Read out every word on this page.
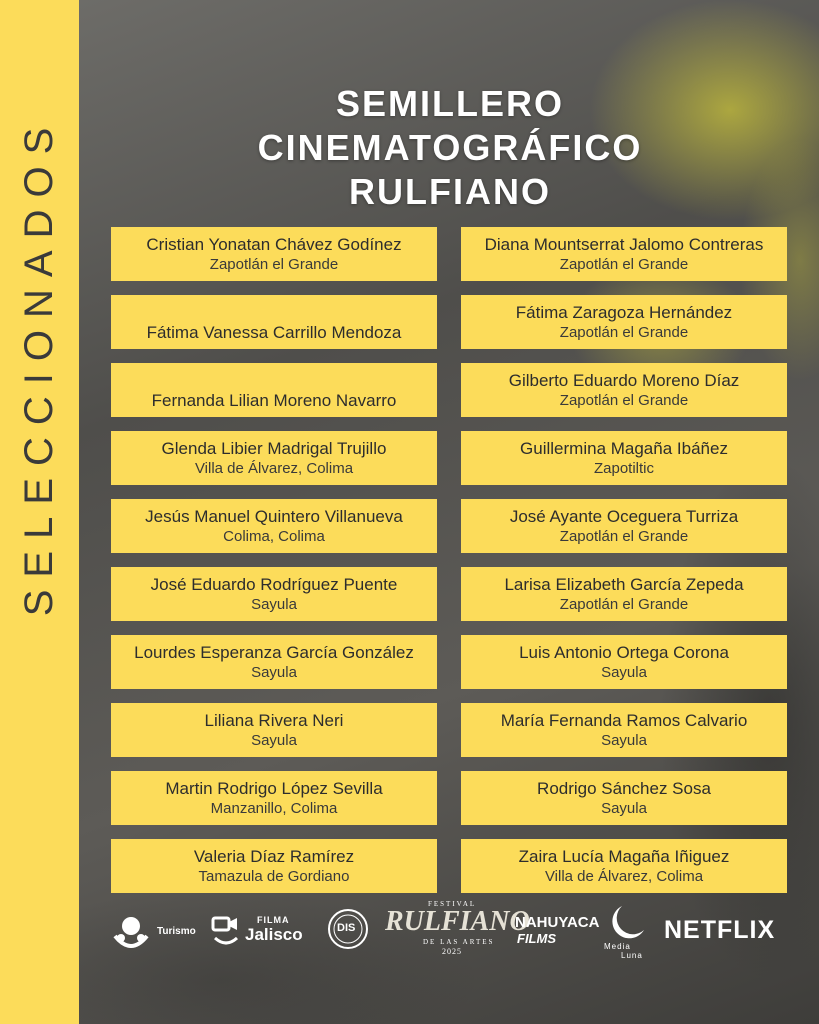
SELECCIONADOS
SEMILLERO
CINEMATOGRÁFICO
RULFIANO
Cristian Yonatan Chávez Godínez
Zapotlán el Grande
Fátima Vanessa Carrillo Mendoza
Fernanda Lilian Moreno Navarro
Glenda Libier Madrigal Trujillo
Villa de Álvarez, Colima
Jesús Manuel Quintero Villanueva
Colima, Colima
José Eduardo Rodríguez Puente
Sayula
Lourdes Esperanza García González
Sayula
Liliana Rivera Neri
Sayula
Martin Rodrigo López Sevilla
Manzanillo, Colima
Valeria Díaz Ramírez
Tamazula de Gordiano
Diana Mountserrat Jalomo Contreras
Zapotlán el Grande
Fátima Zaragoza Hernández
Zapotlán el Grande
Gilberto Eduardo Moreno Díaz
Zapotlán el Grande
Guillermina Magaña Ibáñez
Zapotiltic
José Ayante Oceguera Turriza
Zapotlán el Grande
Larisa Elizabeth García Zepeda
Zapotlán el Grande
Luis Antonio Ortega Corona
Sayula
María Fernanda Ramos Calvario
Sayula
Rodrigo Sánchez Sosa
Sayula
Zaira Lucía Magaña Iñiguez
Villa de Álvarez, Colima
Turismo
FILMA
Jalisco	DIS
FESTIVAL
RULFIANO
DE LAS ARTES
2025
NAHUYACA
FILMS
Media
Luna
NETFLIX
